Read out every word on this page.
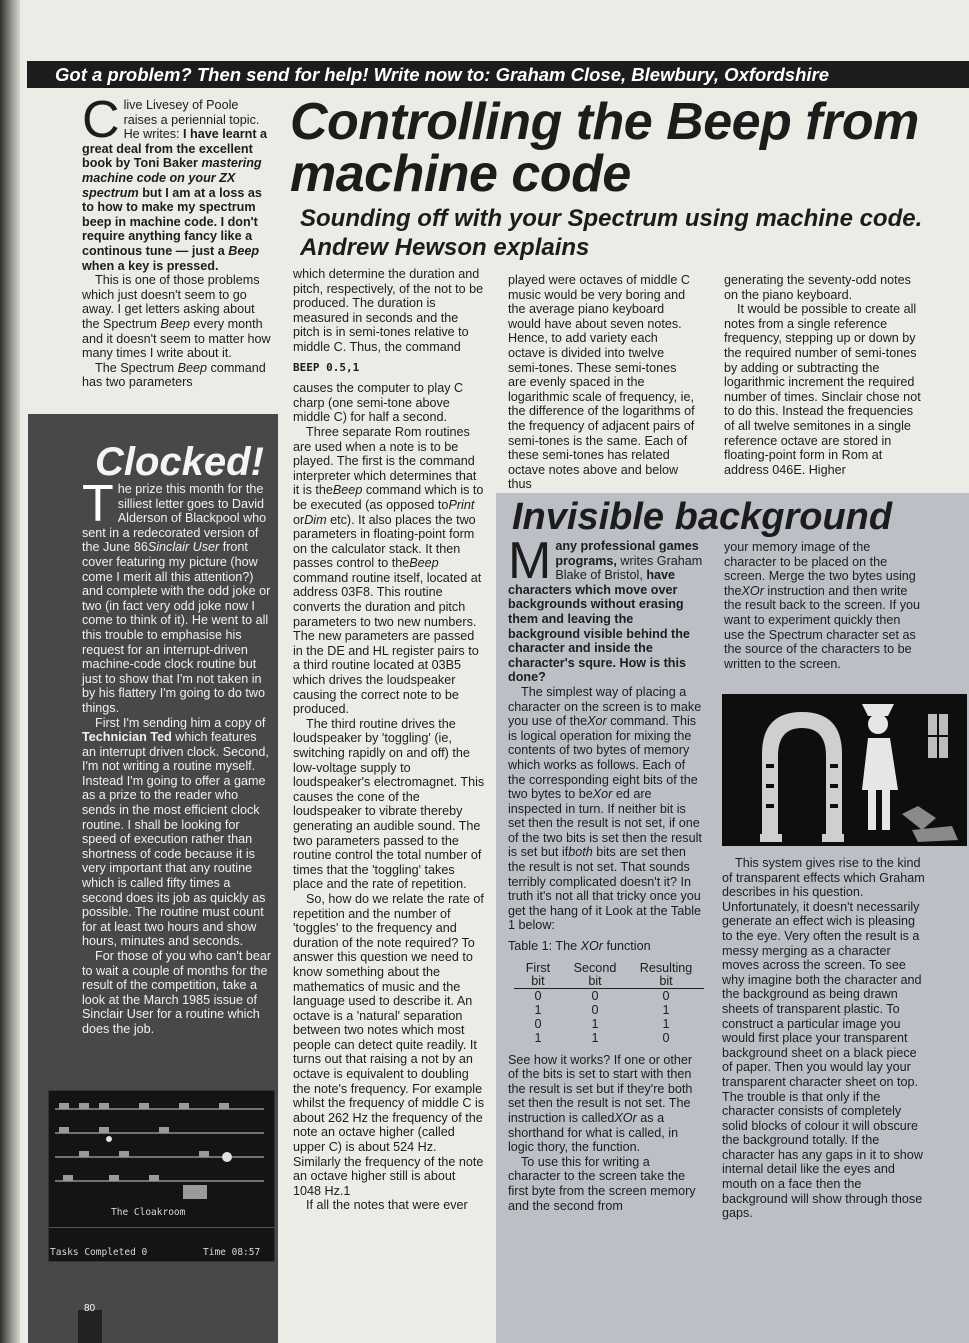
Got a problem? Then send for help! Write now to: Graham Close, Blewbury, Oxfordshire

Clive Livesey of Poole raises a periennial topic. He writes: I have learnt a great deal from the excellent book by Toni Baker mastering machine code on your ZX spectrum but I am at a loss as to how to make my spectrum beep in machine code. I don't require anything fancy like a continous tune — just a Beep when a key is pressed.

This is one of those problems which just doesn't seem to go away. I get letters asking about the Spectrum Beep every month and it doesn't seem to matter how many times I write about it.

The Spectrum Beep command has two parameters

Controlling the Beep from
machine code
Sounding off with your Spectrum using machine code. Andrew Hewson explains

which determine the duration and pitch, respectively, of the not to be produced. The duration is measured in seconds and the pitch is in semi-tones relative to middle C. Thus, the command

BEEP 0.5,1

causes the computer to play C charp (one semi-tone above middle C) for half a second.

Three separate Rom routines are used when a note is to be played. The first is the command interpreter which determines that it is theBeep command which is to be executed (as opposed toPrint orDim etc). It also places the two parameters in floating-point form on the calculator stack. It then passes control to theBeep command routine itself, located at address 03F8. This routine converts the duration and pitch parameters to two new numbers. The new parameters are passed in the DE and HL register pairs to a third routine located at 03B5 which drives the loudspeaker causing the correct note to be produced.

The third routine drives the loudspeaker by 'toggling' (ie, switching rapidly on and off) the low-voltage supply to loudspeaker's electromagnet. This causes the cone of the loudspeaker to vibrate thereby generating an audible sound. The two parameters passed to the routine control the total number of times that the 'toggling' takes place and the rate of repetition.

So, how do we relate the rate of repetition and the number of 'toggles' to the frequency and duration of the note required? To answer this question we need to know something about the mathematics of music and the language used to describe it. An octave is a 'natural' separation between two notes which most people can detect quite readily. It turns out that raising a not by an octave is equivalent to doubling the note's frequency. For example whilst the frequency of middle C is about 262 Hz the frequency of the note an octave higher (called upper C) is about 524 Hz. Similarly the frequency of the note an octave higher still is about 1048 Hz.1

If all the notes that were ever

played were octaves of middle C music would be very boring and the average piano keyboard would have about seven notes. Hence, to add variety each octave is divided into twelve semi-tones. These semi-tones are evenly spaced in the logarithmic scale of frequency, ie, the difference of the logarithms of the frequency of adjacent pairs of semi-tones is the same. Each of these semi-tones has related octave notes above and below thus

generating the seventy-odd notes on the piano keyboard.

It would be possible to create all notes from a single reference frequency, stepping up or down by the required number of semi-tones by adding or subtracting the logarithmic increment the required number of times. Sinclair chose not to do this. Instead the frequencies of all twelve semitones in a single reference octave are stored in floating-point form in Rom at address 046E. Higher

Clocked!

The prize this month for the silliest letter goes to David Alderson of Blackpool who sent in a redecorated version of the June 86Sinclair User front cover featuring my picture (how come I merit all this attention?) and complete with the odd joke or two (in fact very odd joke now I come to think of it). He went to all this trouble to emphasise his request for an interrupt-driven machine-code clock routine but just to show that I'm not taken in by his flattery I'm going to do two things.

First I'm sending him a copy of Technician Ted which features an interrupt driven clock. Second, I'm not writing a routine myself. Instead I'm going to offer a game as a prize to the reader who sends in the most efficient clock routine. I shall be looking for speed of execution rather than shortness of code because it is very important that any routine which is called fifty times a second does its job as quickly as possible. The routine must count for at least two hours and show hours, minutes and seconds.

For those of you who can't bear to wait a couple of months for the result of the competition, take a look at the March 1985 issue of Sinclair User for a routine which does the job.

The Cloakroom
Tasks Completed 0	Time 08:57
Invisible background

Many professional games programs, writes Graham Blake of Bristol, have characters which move over backgrounds without erasing them and leaving the background visible behind the character and inside the character's squre. How is this done?

The simplest way of placing a character on the screen is to make you use of theXor command. This is logical operation for mixing the contents of two bytes of memory which works as follows. Each of the corresponding eight bits of the two bytes to beXor ed are inspected in turn. If neither bit is set then the result is not set, if one of the two bits is set then the result is set but ifboth bits are set then the result is not set. That sounds terribly complicated doesn't it? In truth it's not all that tricky once you get the hang of it Look at the Table 1 below:

Table 1: The XOr function

First bit	Second bit	Resulting bit
0	0	0
1	0	1
0	1	1
1	1	0

See how it works? If one or other of the bits is set to start with then the result is set but if they're both set then the result is not set. The instruction is calledXOr as a shorthand for what is called, in logic thory, the function.

To use this for writing a character to the screen take the first byte from the screen memory and the second from

your memory image of the character to be placed on the screen. Merge the two bytes using theXOr instruction and then write the result back to the screen. If you want to experiment quickly then use the Spectrum character set as the source of the characters to be written to the screen.

This system gives rise to the kind of transparent effects which Graham describes in his question. Unfortunately, it doesn't necessarily generate an effect wich is pleasing to the eye. Very often the result is a messy merging as a character moves across the screen. To see why imagine both the character and the background as being drawn sheets of transparent plastic. To construct a particular image you would first place your transparent background sheet on a black piece of paper. Then you would lay your transparent character sheet on top. The trouble is that only if the character consists of completely solid blocks of colour it will obscure the background totally. If the character has any gaps in it to show internal detail like the eyes and mouth on a face then the background will show through those gaps.

80
